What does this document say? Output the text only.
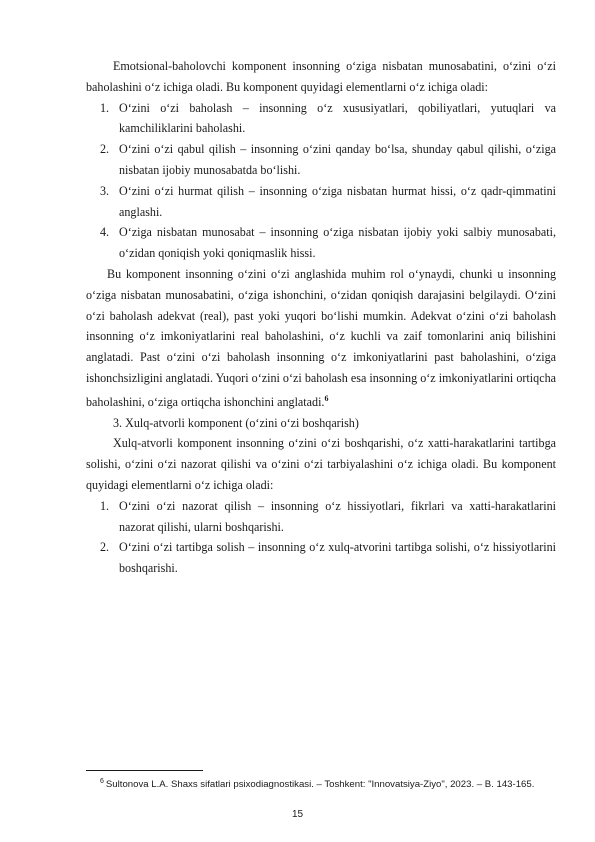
Emotsional-baholovchi komponent insonning o‘ziga nisbatan munosabatini, o‘zini o‘zi baholashini o‘z ichiga oladi. Bu komponent quyidagi elementlarni o‘z ichiga oladi:

1. O‘zini o‘zi baholash – insonning o‘z xususiyatlari, qobiliyatlari, yutuqlari va kamchiliklarini baholashi.
2. O‘zini o‘zi qabul qilish – insonning o‘zini qanday bo‘lsa, shunday qabul qilishi, o‘ziga nisbatan ijobiy munosabatda bo‘lishi.
3. O‘zini o‘zi hurmat qilish – insonning o‘ziga nisbatan hurmat hissi, o‘z qadr-qimmatini anglashi.
4. O‘ziga nisbatan munosabat – insonning o‘ziga nisbatan ijobiy yoki salbiy munosabati, o‘zidan qoniqish yoki qoniqmaslik hissi.

Bu komponent insonning o‘zini o‘zi anglashida muhim rol o‘ynaydi, chunki u insonning o‘ziga nisbatan munosabatini, o‘ziga ishonchini, o‘zidan qoniqish darajasini belgilaydi. O‘zini o‘zi baholash adekvat (real), past yoki yuqori bo‘lishi mumkin. Adekvat o‘zini o‘zi baholash insonning o‘z imkoniyatlarini real baholashini, o‘z kuchli va zaif tomonlarini aniq bilishini anglatadi. Past o‘zini o‘zi baholash insonning o‘z imkoniyatlarini past baholashini, o‘ziga ishonchsizligini anglatadi. Yuqori o‘zini o‘zi baholash esa insonning o‘z imkoniyatlarini ortiqcha baholashini, o‘ziga ortiqcha ishonchini anglatadi.$^6$

3. Xulq-atvorli komponent (o‘zini o‘zi boshqarish)

Xulq-atvorli komponent insonning o‘zini o‘zi boshqarishi, o‘z xatti-harakatlarini tartibga solishi, o‘zini o‘zi nazorat qilishi va o‘zini o‘zi tarbiyalashini o‘z ichiga oladi. Bu komponent quyidagi elementlarni o‘z ichiga oladi:

1. O‘zini o‘zi nazorat qilish – insonning o‘z hissiyotlari, fikrlari va xatti-harakatlarini nazorat qilishi, ularni boshqarishi.
2. O‘zini o‘zi tartibga solish – insonning o‘z xulq-atvorini tartibga solishi, o‘z hissiyotlarini boshqarishi.
$^6$ Sultonova L.A. Shaxs sifatlari psixodiagnostikasi. – Toshkent: "Innovatsiya-Ziyo", 2023. – B. 143-165.
15
